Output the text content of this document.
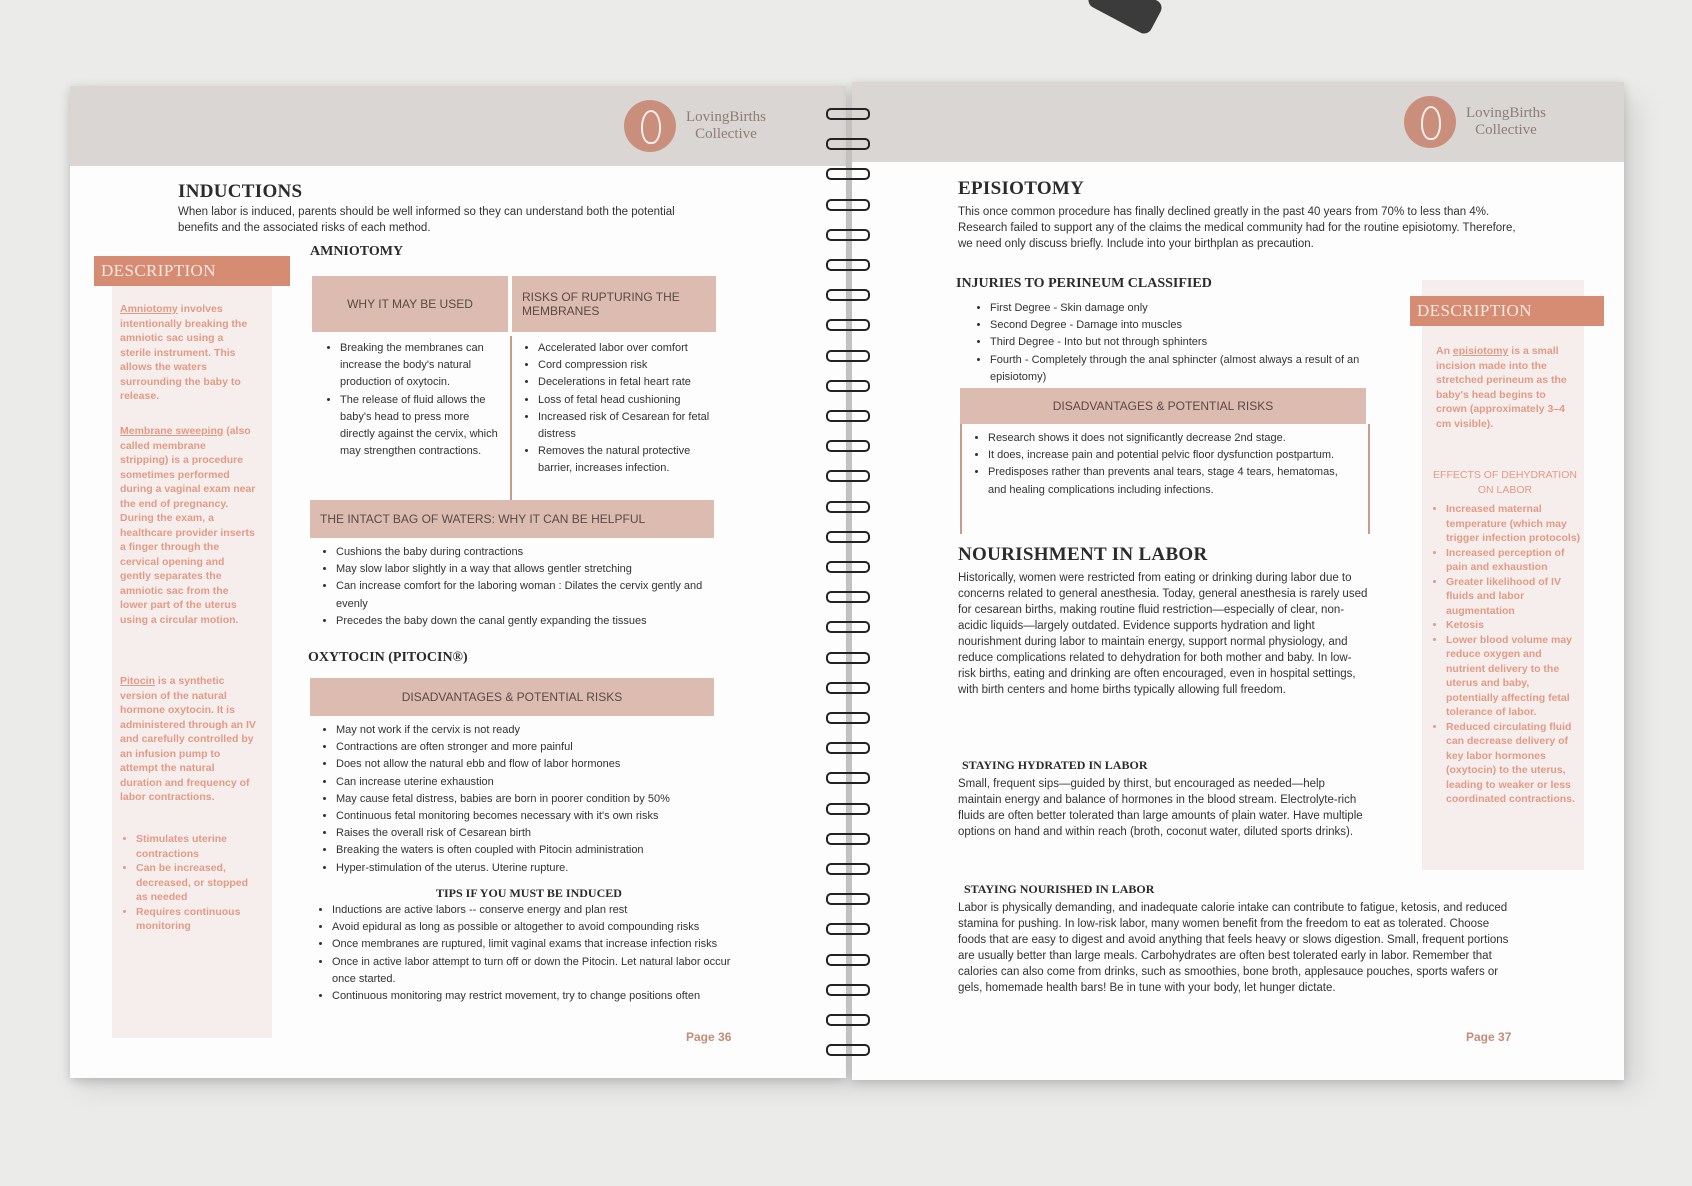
LovingBirths
Collective
INDUCTIONS
When labor is induced, parents should be well informed so they can understand both the potential benefits and the associated risks of each method.
DESCRIPTION
Amniotomy involves intentionally breaking the amniotic sac using a sterile instrument. This allows the waters surrounding the baby to release.
Membrane sweeping (also called membrane stripping) is a procedure sometimes performed during a vaginal exam near the end of pregnancy. During the exam, a healthcare provider inserts a finger through the cervical opening and gently separates the amniotic sac from the lower part of the uterus using a circular motion.
Pitocin is a synthetic version of the natural hormone oxytocin. It is administered through an IV and carefully controlled by an infusion pump to attempt the natural duration and frequency of labor contractions.
• Stimulates uterine contractions
• Can be increased, decreased, or stopped as needed
• Requires continuous monitoring
AMNIOTOMY
WHY IT MAY BE USED	RISKS OF RUPTURING THE MEMBRANES
• Breaking the membranes can increase the body's natural production of oxytocin.
• The release of fluid allows the baby's head to press more directly against the cervix, which may strengthen contractions.
• Accelerated labor over comfort
• Cord compression risk
• Decelerations in fetal heart rate
• Loss of fetal head cushioning
• Increased risk of Cesarean for fetal distress
• Removes the natural protective barrier, increases infection.
THE INTACT BAG OF WATERS: WHY IT CAN BE HELPFUL
• Cushions the baby during contractions
• May slow labor slightly in a way that allows gentler stretching
• Can increase comfort for the laboring woman : Dilates the cervix gently and evenly
• Precedes the baby down the canal gently expanding the tissues
OXYTOCIN (PITOCIN®)
DISADVANTAGES & POTENTIAL RISKS
• May not work if the cervix is not ready
• Contractions are often stronger and more painful
• Does not allow the natural ebb and flow of labor hormones
• Can increase uterine exhaustion
• May cause fetal distress, babies are born in poorer condition by 50%
• Continuous fetal monitoring becomes necessary with it's own risks
• Raises the overall risk of Cesarean birth
• Breaking the waters is often coupled with Pitocin administration
• Hyper-stimulation of the uterus. Uterine rupture.
TIPS IF YOU MUST BE INDUCED
• Inductions are active labors -- conserve energy and plan rest
• Avoid epidural as long as possible or altogether to avoid compounding risks
• Once membranes are ruptured, limit vaginal exams that increase infection risks
• Once in active labor attempt to turn off or down the Pitocin. Let natural labor occur once started.
• Continuous monitoring may restrict movement, try to change positions often
Page 36
LovingBirths
Collective
EPISIOTOMY
This once common procedure has finally declined greatly in the past 40 years from 70% to less than 4%. Research failed to support any of the claims the medical community had for the routine episiotomy. Therefore, we need only discuss briefly. Include into your birthplan as precaution.
INJURIES TO PERINEUM CLASSIFIED
• First Degree - Skin damage only
• Second Degree - Damage into muscles
• Third Degree - Into but not through sphinters
• Fourth - Completely through the anal sphincter (almost always a result of an episiotomy)
DISADVANTAGES & POTENTIAL RISKS
• Research shows it does not significantly decrease 2nd stage.
• It does, increase pain and potential pelvic floor dysfunction postpartum.
• Predisposes rather than prevents anal tears, stage 4 tears, hematomas, and healing complications including infections.
NOURISHMENT IN LABOR
Historically, women were restricted from eating or drinking during labor due to concerns related to general anesthesia. Today, general anesthesia is rarely used for cesarean births, making routine fluid restriction—especially of clear, non-acidic liquids—largely outdated. Evidence supports hydration and light nourishment during labor to maintain energy, support normal physiology, and reduce complications related to dehydration for both mother and baby. In low-risk births, eating and drinking are often encouraged, even in hospital settings, with birth centers and home births typically allowing full freedom.
STAYING HYDRATED IN LABOR
Small, frequent sips—guided by thirst, but encouraged as needed—help maintain energy and balance of hormones in the blood stream. Electrolyte-rich fluids are often better tolerated than large amounts of plain water. Have multiple options on hand and within reach (broth, coconut water, diluted sports drinks).
STAYING NOURISHED IN LABOR
Labor is physically demanding, and inadequate calorie intake can contribute to fatigue, ketosis, and reduced stamina for pushing. In low-risk labor, many women benefit from the freedom to eat as tolerated. Choose foods that are easy to digest and avoid anything that feels heavy or slows digestion. Small, frequent portions are usually better than large meals. Carbohydrates are often best tolerated early in labor. Remember that calories can also come from drinks, such as smoothies, bone broth, applesauce pouches, sports wafers or gels, homemade health bars! Be in tune with your body, let hunger dictate.
DESCRIPTION
An episiotomy is a small incision made into the stretched perineum as the baby's head begins to crown (approximately 3–4 cm visible).
EFFECTS OF DEHYDRATION ON LABOR
• Increased maternal temperature (which may trigger infection protocols)
• Increased perception of pain and exhaustion
• Greater likelihood of IV fluids and labor augmentation
• Ketosis
• Lower blood volume may reduce oxygen and nutrient delivery to the uterus and baby, potentially affecting fetal tolerance of labor.
• Reduced circulating fluid can decrease delivery of key labor hormones (oxytocin) to the uterus, leading to weaker or less coordinated contractions.
Page 37
